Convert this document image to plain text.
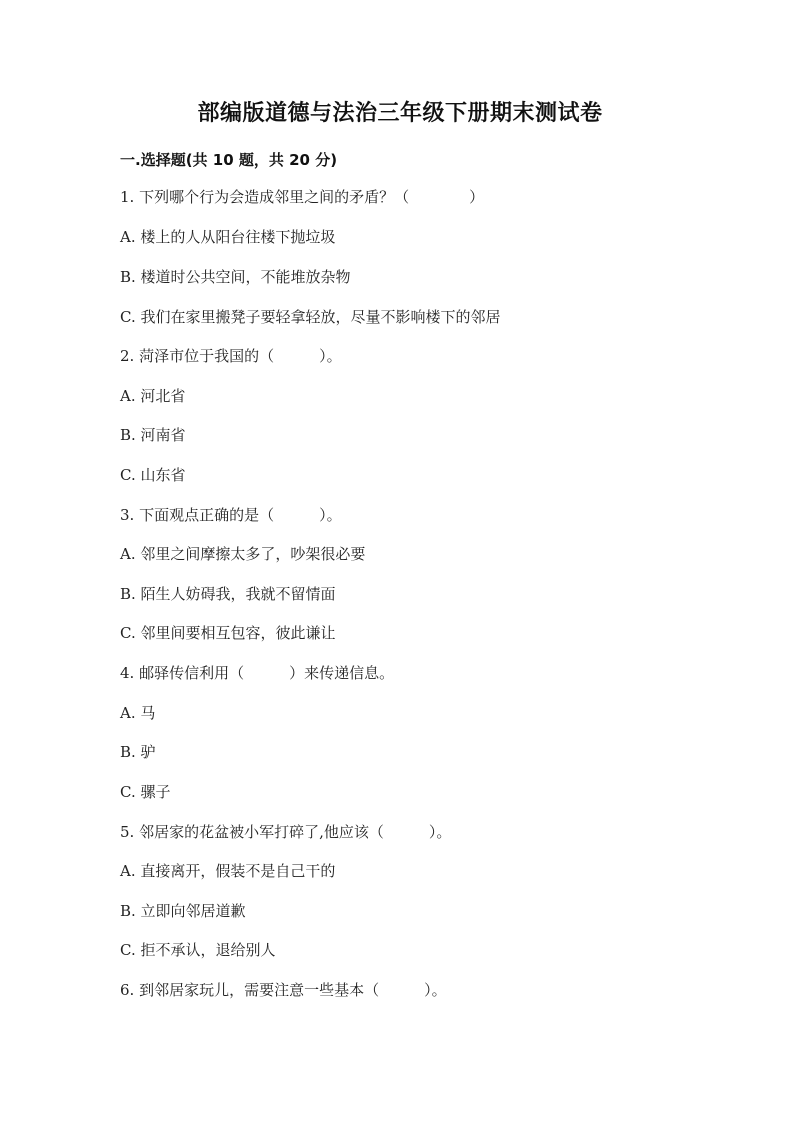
部编版道德与法治三年级下册期末测试卷
一.选择题(共 10 题，共 20 分)
1. 下列哪个行为会造成邻里之间的矛盾？（　　　　）
A. 楼上的人从阳台往楼下抛垃圾
B. 楼道时公共空间，不能堆放杂物
C. 我们在家里搬凳子要轻拿轻放，尽量不影响楼下的邻居
2. 菏泽市位于我国的（　　　）。
A. 河北省
B. 河南省
C. 山东省
3. 下面观点正确的是（　　　）。
A. 邻里之间摩擦太多了，吵架很必要
B. 陌生人妨碍我，我就不留情面
C. 邻里间要相互包容，彼此谦让
4. 邮驿传信利用（　　　）来传递信息。
A. 马
B. 驴
C. 骡子
5. 邻居家的花盆被小军打碎了,他应该（　　　）。
A. 直接离开，假装不是自己干的
B. 立即向邻居道歉
C. 拒不承认，退给别人
6. 到邻居家玩儿，需要注意一些基本（　　　）。
